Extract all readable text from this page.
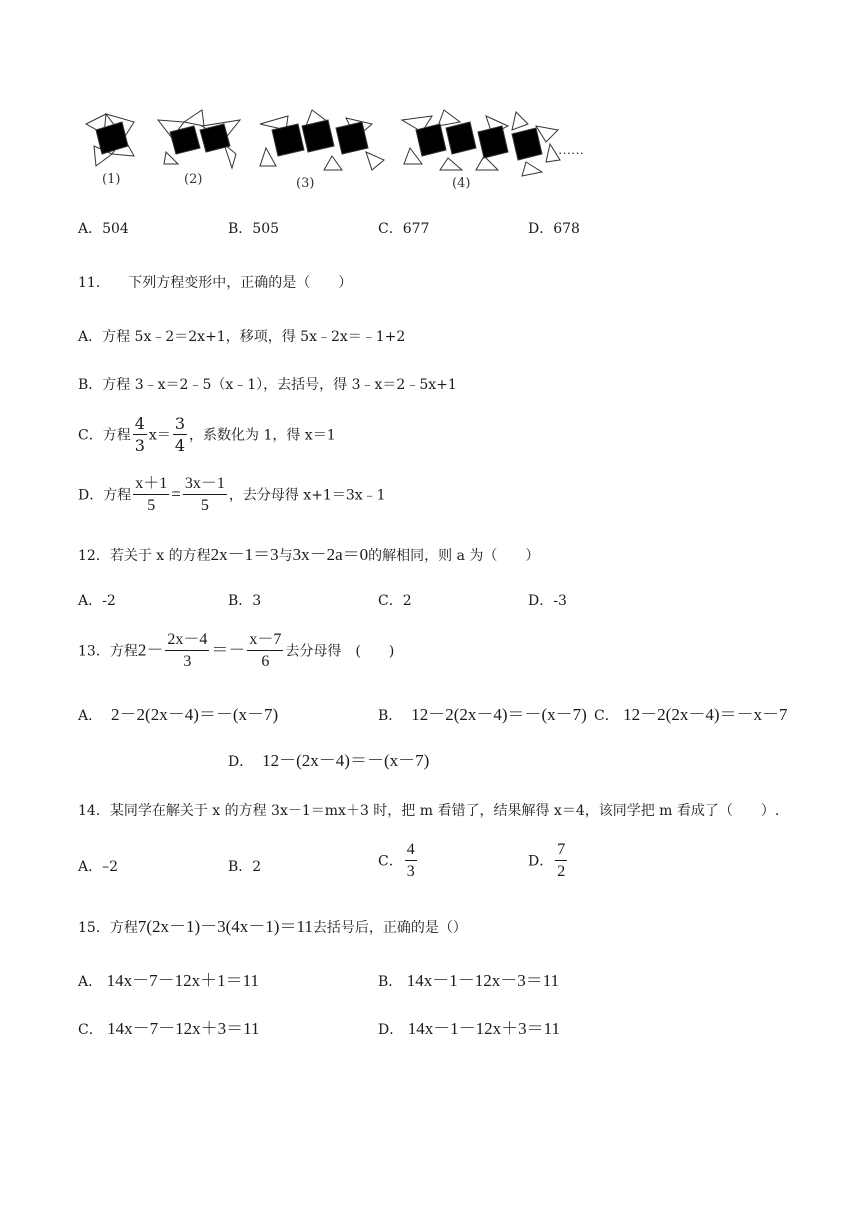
……
(1)	(2)	(3)	(4)
A．504	B．505	C．677	D．678
11.　　下列方程变形中，正确的是（　　）
A．方程 5x﹣2＝2x+1，移项，得 5x﹣2x＝﹣1+2
B．方程 3﹣x＝2﹣5（x﹣1），去括号，得 3﹣x＝2﹣5x+1
C．方程 $\frac{4}{3} x= \frac{3}{4}$ ，系数化为 1，得 x＝1
D．方程 $\frac{x+1}{5} = \frac{3x-1}{5}$ ，去分母得 x+1＝3x﹣1
12．若关于 x 的方程2x－1＝3与3x－2a＝0的解相同，则 a 为（　　）
A．-2	B．3	C．2	D．-3
13．方程$2- \frac{2x-4}{3} =- \frac{x-7}{6}$ 去分母得　(　　)
A． 2－2(2x－4)＝－(x－7)	B． 12－2(2x－4)＝－(x－7) C． 12－2(2x－4)＝－x－7
D． 12－(2x－4)＝－(x－7)
14．某同学在解关于 x 的方程 3x－1＝mx＋3 时，把 m 看错了，结果解得 x＝4，该同学把 m 看成了（　　）.
A．–2	B．2	C． $\frac{4}{3}$	D． $\frac{7}{2}$
15．方程7(2x－1)－3(4x－1)＝11去括号后，正确的是（）
A． 14x－7－12x＋1＝11	B． 14x－1－12x－3＝11
C． 14x－7－12x＋3＝11	D． 14x－1－12x＋3＝11
